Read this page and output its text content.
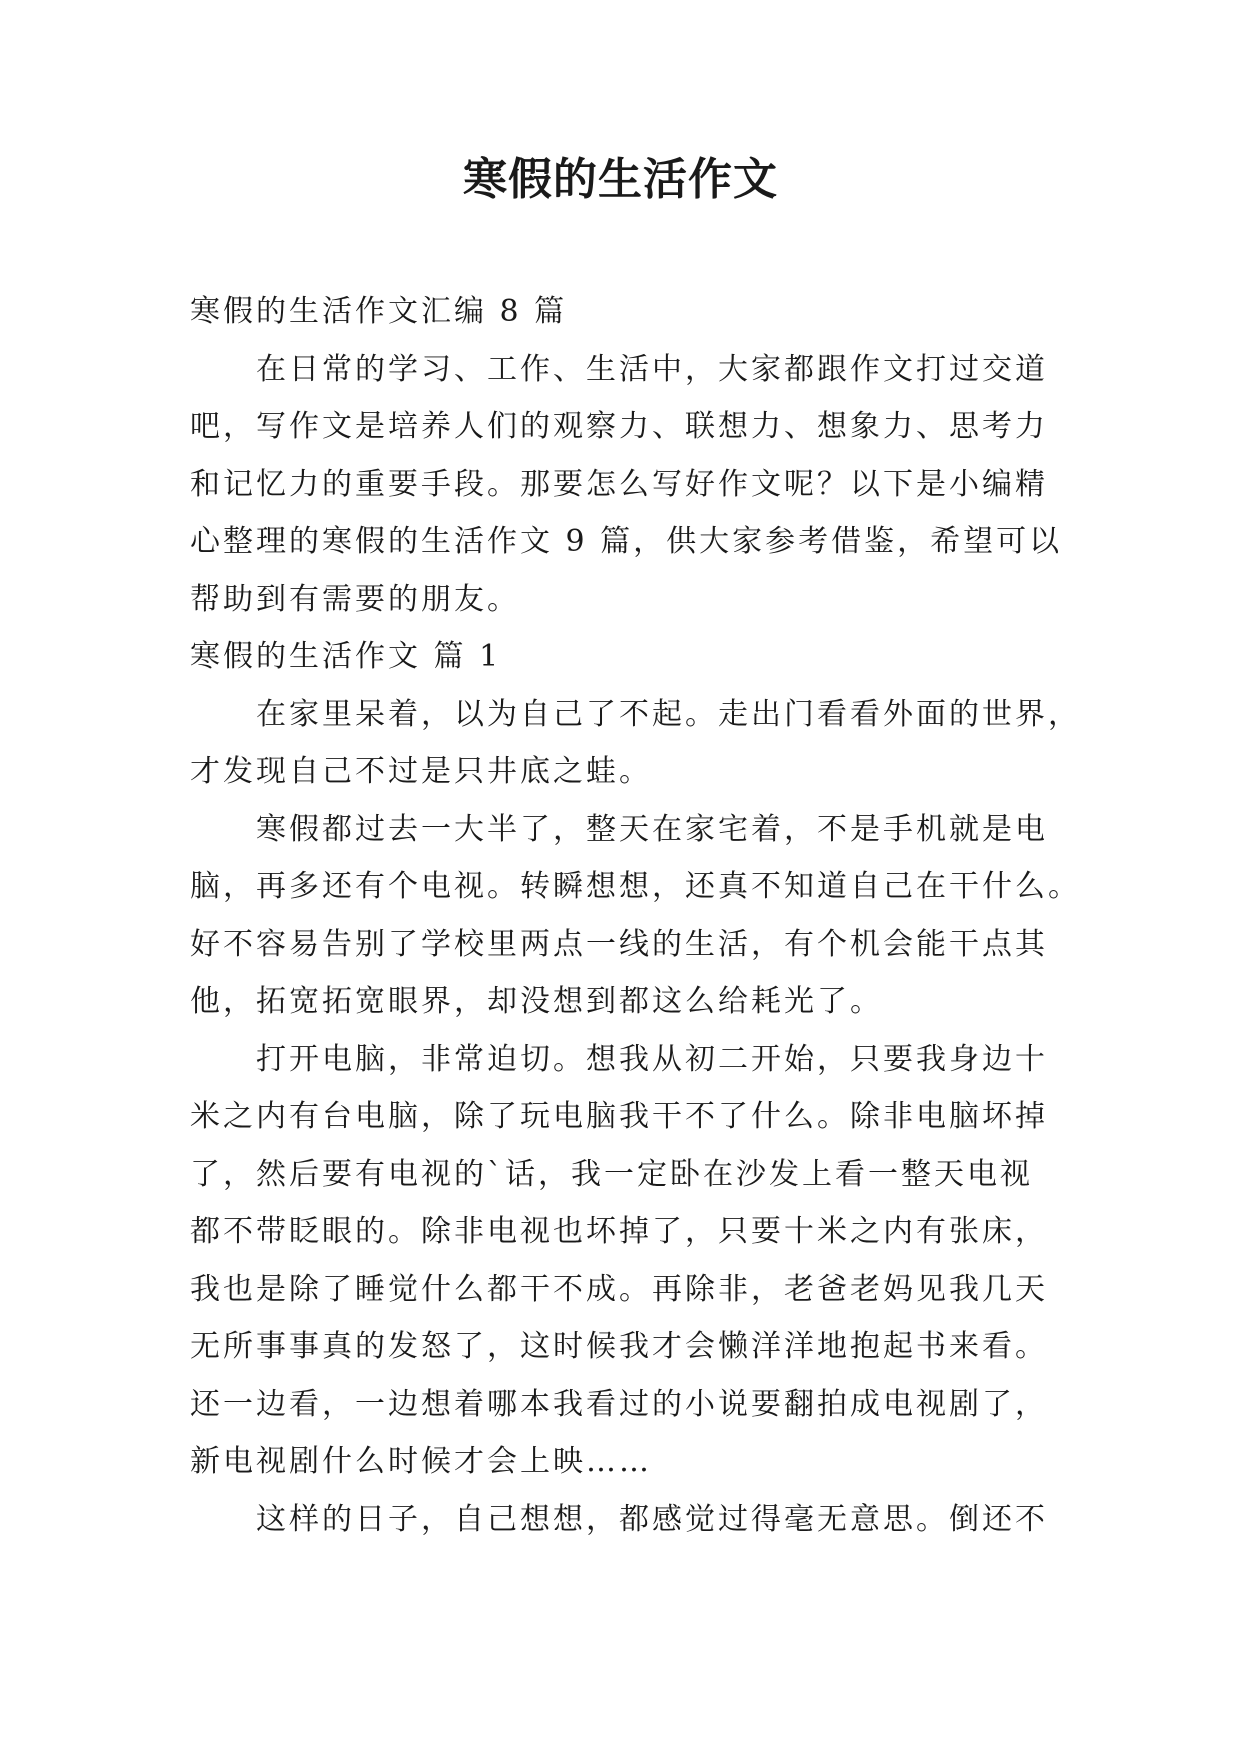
寒假的生活作文

寒假的生活作文汇编 8 篇

在日常的学习、工作、生活中，大家都跟作文打过交道

吧，写作文是培养人们的观察力、联想力、想象力、思考力

和记忆力的重要手段。那要怎么写好作文呢？以下是小编精

心整理的寒假的生活作文 9 篇，供大家参考借鉴，希望可以

帮助到有需要的朋友。

寒假的生活作文 篇 1

在家里呆着，以为自己了不起。走出门看看外面的世界，

才发现自己不过是只井底之蛙。

寒假都过去一大半了，整天在家宅着，不是手机就是电

脑，再多还有个电视。转瞬想想，还真不知道自己在干什么。

好不容易告别了学校里两点一线的生活，有个机会能干点其

他，拓宽拓宽眼界，却没想到都这么给耗光了。

打开电脑，非常迫切。想我从初二开始，只要我身边十

米之内有台电脑，除了玩电脑我干不了什么。除非电脑坏掉

了，然后要有电视的`话，我一定卧在沙发上看一整天电视

都不带眨眼的。除非电视也坏掉了，只要十米之内有张床，

我也是除了睡觉什么都干不成。再除非，老爸老妈见我几天

无所事事真的发怒了，这时候我才会懒洋洋地抱起书来看。

还一边看，一边想着哪本我看过的小说要翻拍成电视剧了，

新电视剧什么时候才会上映……

这样的日子，自己想想，都感觉过得毫无意思。倒还不
